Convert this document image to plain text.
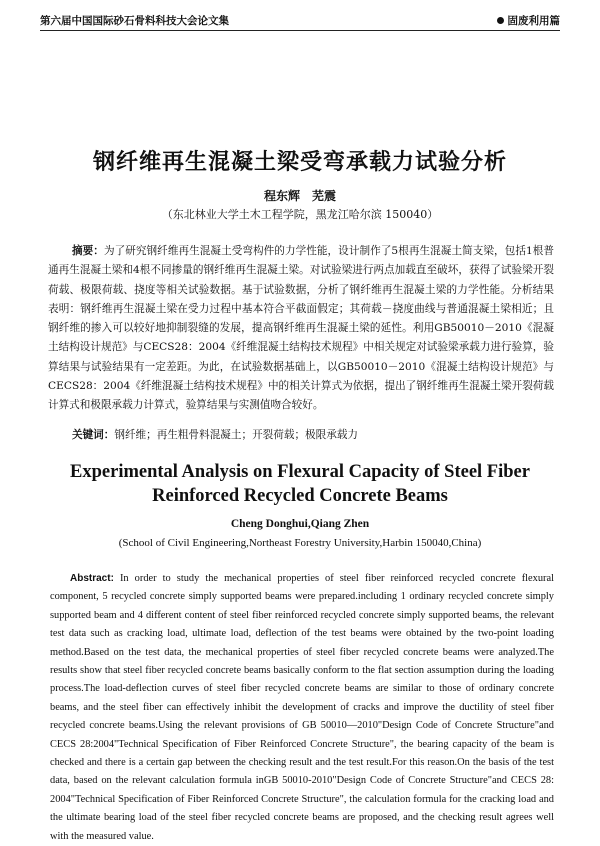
第六届中国国际砂石骨料科技大会论文集	固废利用篇
钢纤维再生混凝土梁受弯承载力试验分析
程东辉　芜震
（东北林业大学土木工程学院，黑龙江哈尔滨 150040）

摘要：为了研究钢纤维再生混凝土受弯构件的力学性能，设计制作了5根再生混凝土简支梁，包括1根普通再生混凝土梁和4根不同掺量的钢纤维再生混凝土梁。对试验梁进行两点加载直至破坏，获得了试验梁开裂荷载、极限荷载、挠度等相关试验数据。基于试验数据，分析了钢纤维再生混凝土梁的力学性能。分析结果表明：钢纤维再生混凝土梁在受力过程中基本符合平截面假定；其荷载－挠度曲线与普通混凝土梁相近；且钢纤维的掺入可以较好地抑制裂缝的发展，提高钢纤维再生混凝土梁的延性。利用GB50010－2010《混凝土结构设计规范》与CECS28：2004《纤维混凝土结构技术规程》中相关规定对试验梁承载力进行验算，验算结果与试验结果有一定差距。为此，在试验数据基础上，以GB50010－2010《混凝土结构设计规范》与CECS28：2004《纤维混凝土结构技术规程》中的相关计算式为依据，提出了钢纤维再生混凝土梁开裂荷载计算式和极限承载力计算式，验算结果与实测值吻合较好。

关键词：钢纤维；再生粗骨料混凝土；开裂荷载；极限承载力

Experimental Analysis on Flexural Capacity of Steel Fiber Reinforced Recycled Concrete Beams
Cheng Donghui,Qiang Zhen
(School of Civil Engineering,Northeast Forestry University,Harbin 150040,China)

Abstract: In order to study the mechanical properties of steel fiber reinforced recycled concrete flexural component, 5 recycled concrete simply supported beams were prepared.including 1 ordinary recycled concrete simply supported beam and 4 different content of steel fiber reinforced recycled concrete simply supported beams, the relevant test data such as cracking load, ultimate load, deflection of the test beams were obtained by the two-point loading method.Based on the test data, the mechanical properties of steel fiber recycled concrete beams were analyzed.The results show that steel fiber recycled concrete beams basically conform to the flat section assumption during the loading process.The load-deflection curves of steel fiber recycled concrete beams are similar to those of ordinary concrete beams, and the steel fiber can effectively inhibit the development of cracks and improve the ductility of steel fiber recycled concrete beams.Using the relevant provisions of GB 50010—2010"Design Code of Concrete Structure"and CECS 28:2004"Technical Specification of Fiber Reinforced Concrete Structure", the bearing capacity of the beam is checked and there is a certain gap between the checking result and the test result.For this reason.On the basis of the test data, based on the relevant calculation formula inGB 50010-2010"Design Code of Concrete Structure"and CECS 28: 2004"Technical Specification of Fiber Reinforced Concrete Structure", the calculation formula for the cracking load and the ultimate bearing load of the steel fiber recycled concrete beams are proposed, and the checking result agrees well with the measured value.
